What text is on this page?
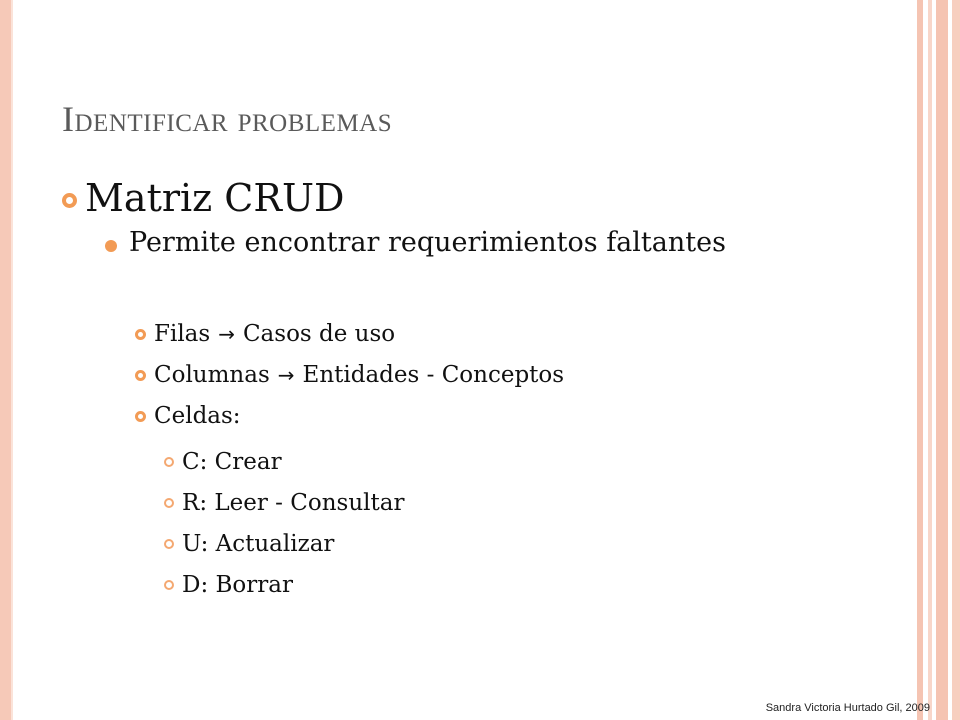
Identificar problemas
Matriz CRUD
Permite encontrar requerimientos faltantes
Filas → Casos de uso
Columnas → Entidades - Conceptos
Celdas:
C: Crear
R: Leer - Consultar
U: Actualizar
D: Borrar
Sandra Victoria Hurtado Gil, 2009
